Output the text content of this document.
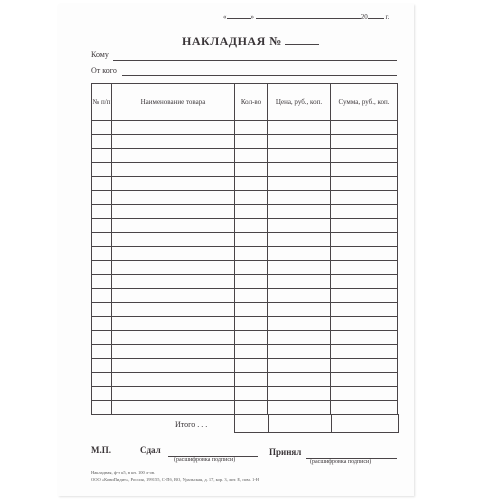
«	»	20	г.
НАКЛАДНАЯ №
Кому
От кого
№ п/п	Наименование товара	Кол-во	Цена, руб., коп.	Сумма, руб., коп.

Итого . . .
М.П.	Сдал
(расшифровка подписи)
Принял
(расшифровка подписи)
Накладная, ф-т к5, в кн. 100 л-ов.
ООО «КовиПидит», Россия, 199155, С-Пб, ВО, Уральская, д. 17, кор. 3, лит. Е, пом. 1-Н
